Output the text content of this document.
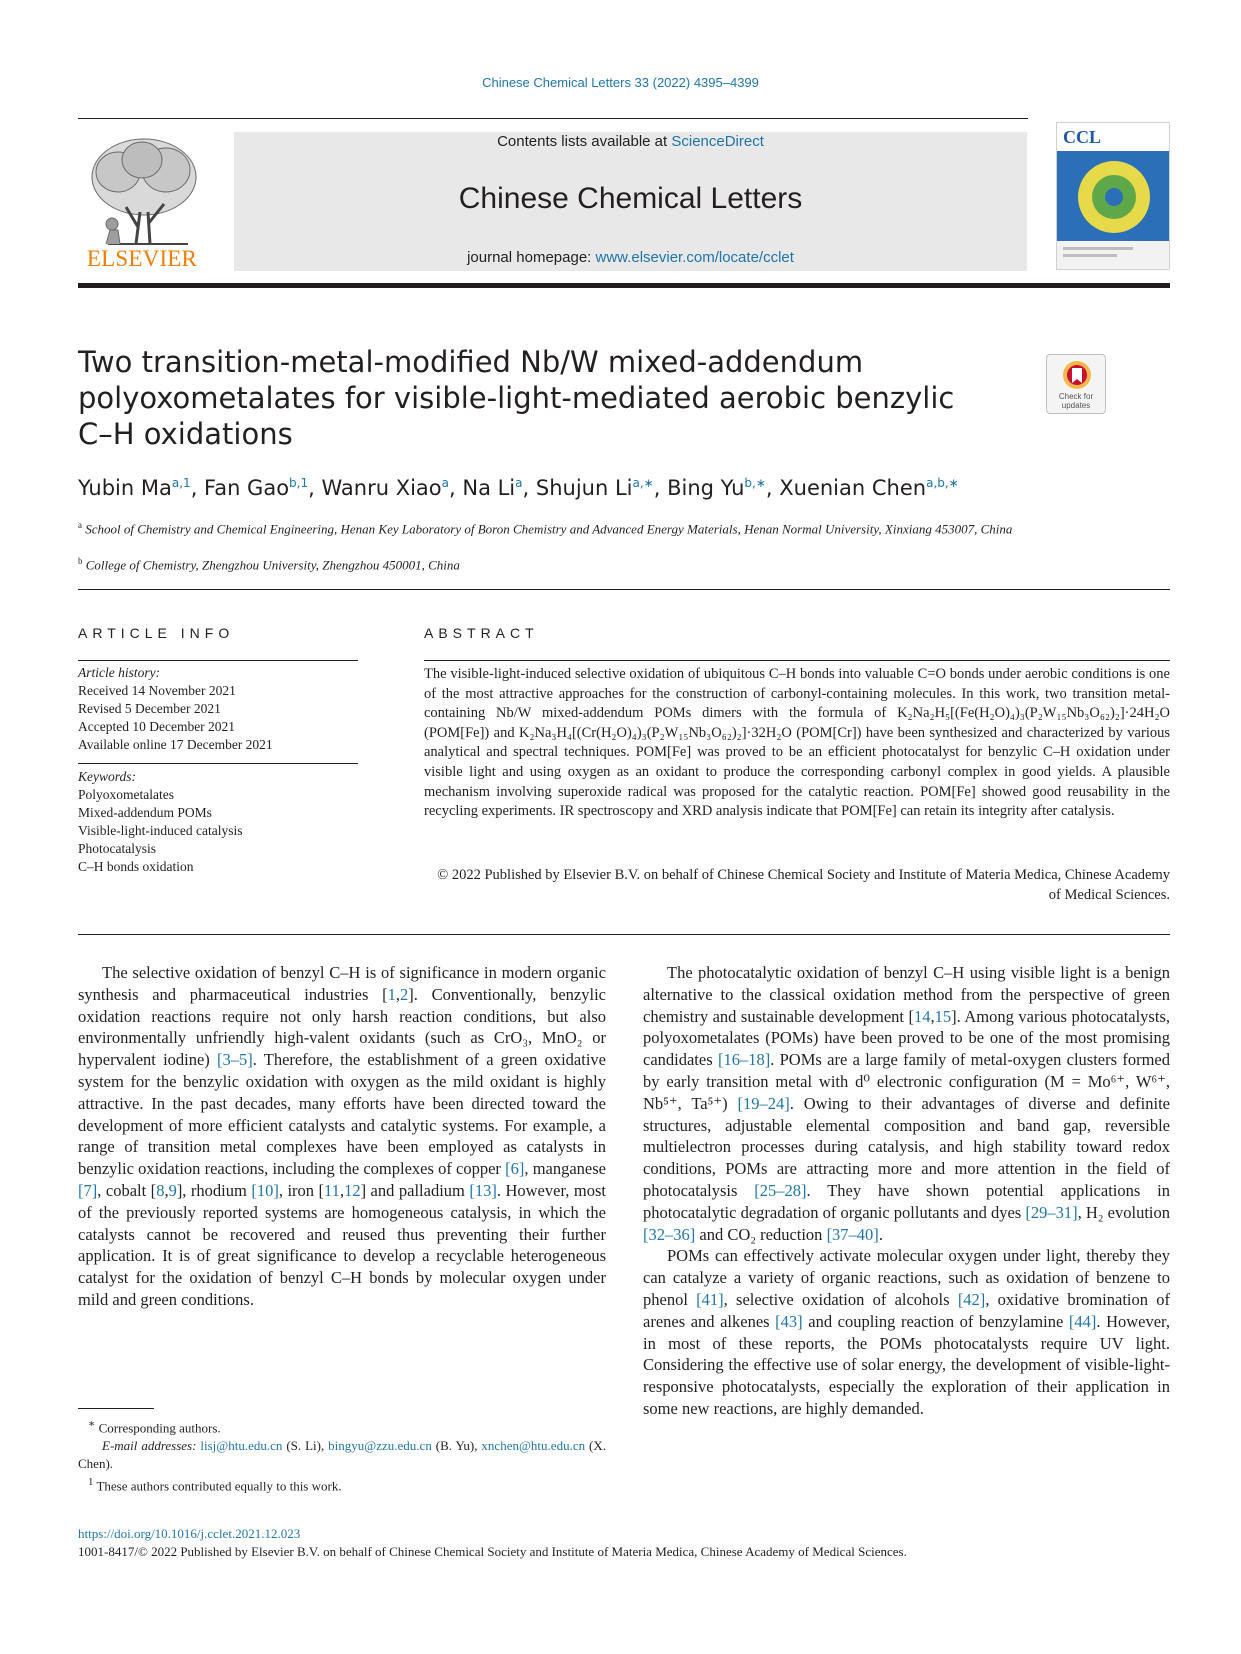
Chinese Chemical Letters 33 (2022) 4395–4399
ELSEVIER
Contents lists available at ScienceDirect
Chinese Chemical Letters
journal homepage: www.elsevier.com/locate/cclet
CCL
Two transition-metal-modified Nb/W mixed-addendum polyoxometalates for visible-light-mediated aerobic benzylic C–H oxidations
Check for updates
Yubin Ma$^{a,1}$, Fan Gao$^{b,1}$, Wanru Xiao$^a$, Na Li$^a$, Shujun $Li^{a,∗}$, Bing $Yu^{b,∗}$, Xuenian Chen$^{a,b,∗}$
$^a$ School of Chemistry and Chemical Engineering, Henan Key Laboratory of Boron Chemistry and Advanced Energy Materials, Henan Normal University, Xinxiang 453007, China
$^b$ College of Chemistry, Zhengzhou University, Zhengzhou 450001, China
ARTICLE INFO
Article history:
Received 14 November 2021
Revised 5 December 2021
Accepted 10 December 2021
Available online 17 December 2021
Keywords:
Polyoxometalates
Mixed-addendum POMs
Visible-light-induced catalysis
Photocatalysis
C–H bonds oxidation
ABSTRACT
The visible-light-induced selective oxidation of ubiquitous C–H bonds into valuable C=O bonds under aerobic conditions is one of the most attractive approaches for the construction of carbonyl-containing molecules. In this work, two transition metal-containing Nb/W mixed-addendum POMs dimers with the formula of K₂Na₂H₅[(Fe(H₂O)₄)₃(P₂W₁₅Nb₃O₆₂)₂]·24H₂O (POM[Fe]) and K₂Na₃H₄[(Cr(H₂O)₄)₃(P₂W₁₅Nb₃O₆₂)₂]·32H₂O (POM[Cr]) have been synthesized and characterized by various analytical and spectral techniques. POM[Fe] was proved to be an efficient photocatalyst for benzylic C–H oxidation under visible light and using oxygen as an oxidant to produce the corresponding carbonyl complex in good yields. A plausible mechanism involving superoxide radical was proposed for the catalytic reaction. POM[Fe] showed good reusability in the recycling experiments. IR spectroscopy and XRD analysis indicate that POM[Fe] can retain its integrity after catalysis.
© 2022 Published by Elsevier B.V. on behalf of Chinese Chemical Society and Institute of Materia Medica, Chinese Academy of Medical Sciences.

The selective oxidation of benzyl C–H is of significance in modern organic synthesis and pharmaceutical industries [1,2]. Conventionally, benzylic oxidation reactions require not only harsh reaction conditions, but also environmentally unfriendly high-valent oxidants (such as CrO₃, MnO₂ or hypervalent iodine) [3–5]. Therefore, the establishment of a green oxidative system for the benzylic oxidation with oxygen as the mild oxidant is highly attractive. In the past decades, many efforts have been directed toward the development of more efficient catalysts and catalytic systems. For example, a range of transition metal complexes have been employed as catalysts in benzylic oxidation reactions, including the complexes of copper [6], manganese [7], cobalt [8,9], rhodium [10], iron [11,12] and palladium [13]. However, most of the previously reported systems are homogeneous catalysis, in which the catalysts cannot be recovered and reused thus preventing their further application. It is of great significance to develop a recyclable heterogeneous catalyst for the oxidation of benzyl C–H bonds by molecular oxygen under mild and green conditions.

The photocatalytic oxidation of benzyl C–H using visible light is a benign alternative to the classical oxidation method from the perspective of green chemistry and sustainable development [14,15]. Among various photocatalysts, polyoxometalates (POMs) have been proved to be one of the most promising candidates [16–18]. POMs are a large family of metal-oxygen clusters formed by early transition metal with d⁰ electronic configuration (M = Mo⁶⁺, W⁶⁺, Nb⁵⁺, Ta⁵⁺) [19–24]. Owing to their advantages of diverse and definite structures, adjustable elemental composition and band gap, reversible multielectron processes during catalysis, and high stability toward redox conditions, POMs are attracting more and more attention in the field of photocatalysis [25–28]. They have shown potential applications in photocatalytic degradation of organic pollutants and dyes [29–31], H₂ evolution [32–36] and CO₂ reduction [37–40].

POMs can effectively activate molecular oxygen under light, thereby they can catalyze a variety of organic reactions, such as oxidation of benzene to phenol [41], selective oxidation of alcohols [42], oxidative bromination of arenes and alkenes [43] and coupling reaction of benzylamine [44]. However, in most of these reports, the POMs photocatalysts require UV light. Considering the effective use of solar energy, the development of visible-light-responsive photocatalysts, especially the exploration of their application in some new reactions, are highly demanded.

∗ Corresponding authors.
E-mail addresses: lisj@htu.edu.cn (S. Li), bingyu@zzu.edu.cn (B. Yu), xnchen@htu.edu.cn (X. Chen).
$^1$ These authors contributed equally to this work.
https://doi.org/10.1016/j.cclet.2021.12.023
1001-8417/© 2022 Published by Elsevier B.V. on behalf of Chinese Chemical Society and Institute of Materia Medica, Chinese Academy of Medical Sciences.
